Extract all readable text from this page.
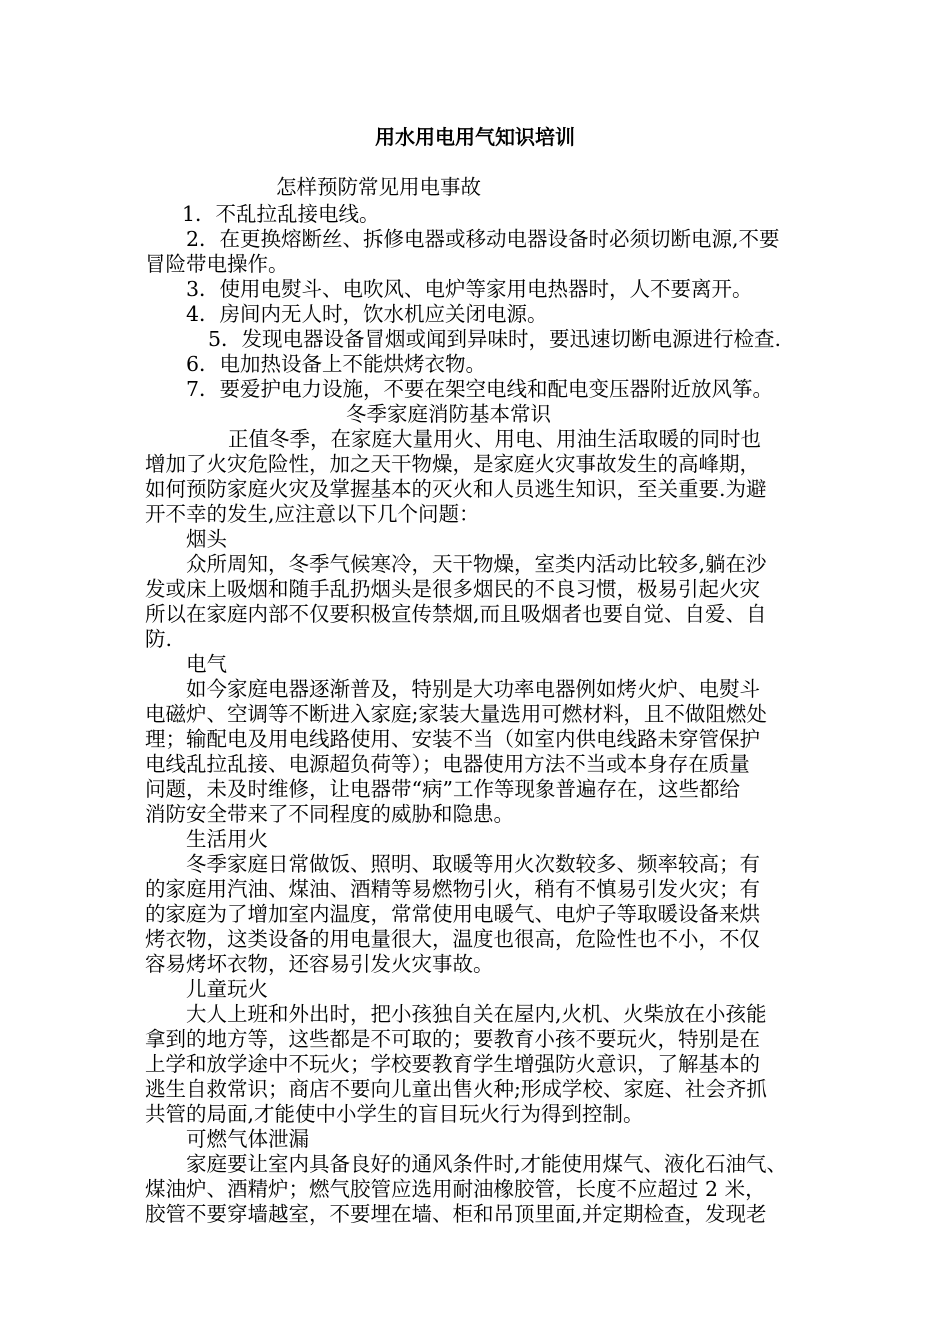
用水用电用气知识培训
怎样预防常见用电事故
1．不乱拉乱接电线。
2．在更换熔断丝、拆修电器或移动电器设备时必须切断电源,不要
冒险带电操作。
3．使用电熨斗、电吹风、电炉等家用电热器时，人不要离开。
4．房间内无人时，饮水机应关闭电源。
5．发现电器设备冒烟或闻到异味时，要迅速切断电源进行检查.
6．电加热设备上不能烘烤衣物。
7．要爱护电力设施，不要在架空电线和配电变压器附近放风筝。
冬季家庭消防基本常识
正值冬季，在家庭大量用火、用电、用油生活取暖的同时也
增加了火灾危险性，加之天干物燥，是家庭火灾事故发生的高峰期，
如何预防家庭火灾及掌握基本的灭火和人员逃生知识，至关重要.为避
开不幸的发生,应注意以下几个问题：
烟头
众所周知，冬季气候寒冷，天干物燥，室类内活动比较多,躺在沙
发或床上吸烟和随手乱扔烟头是很多烟民的不良习惯，极易引起火灾
所以在家庭内部不仅要积极宣传禁烟,而且吸烟者也要自觉、自爱、自
防.
电气
如今家庭电器逐渐普及，特别是大功率电器例如烤火炉、电熨斗
电磁炉、空调等不断进入家庭;家装大量选用可燃材料，且不做阻燃处
理；输配电及用电线路使用、安装不当（如室内供电线路未穿管保护
电线乱拉乱接、电源超负荷等）；电器使用方法不当或本身存在质量
问题，未及时维修，让电器带“病”工作等现象普遍存在，这些都给
消防安全带来了不同程度的威胁和隐患。
生活用火
冬季家庭日常做饭、照明、取暖等用火次数较多、频率较高；有
的家庭用汽油、煤油、酒精等易燃物引火，稍有不慎易引发火灾；有
的家庭为了增加室内温度，常常使用电暖气、电炉子等取暖设备来烘
烤衣物，这类设备的用电量很大，温度也很高，危险性也不小，不仅
容易烤坏衣物，还容易引发火灾事故。
儿童玩火
大人上班和外出时，把小孩独自关在屋内,火机、火柴放在小孩能
拿到的地方等，这些都是不可取的；要教育小孩不要玩火，特别是在
上学和放学途中不玩火；学校要教育学生增强防火意识，了解基本的
逃生自救常识；商店不要向儿童出售火种;形成学校、家庭、社会齐抓
共管的局面,才能使中小学生的盲目玩火行为得到控制。
可燃气体泄漏
家庭要让室内具备良好的通风条件时,才能使用煤气、液化石油气、
煤油炉、酒精炉；燃气胶管应选用耐油橡胶管，长度不应超过 2 米，
胶管不要穿墙越室，不要埋在墙、柜和吊顶里面,并定期检查，发现老
